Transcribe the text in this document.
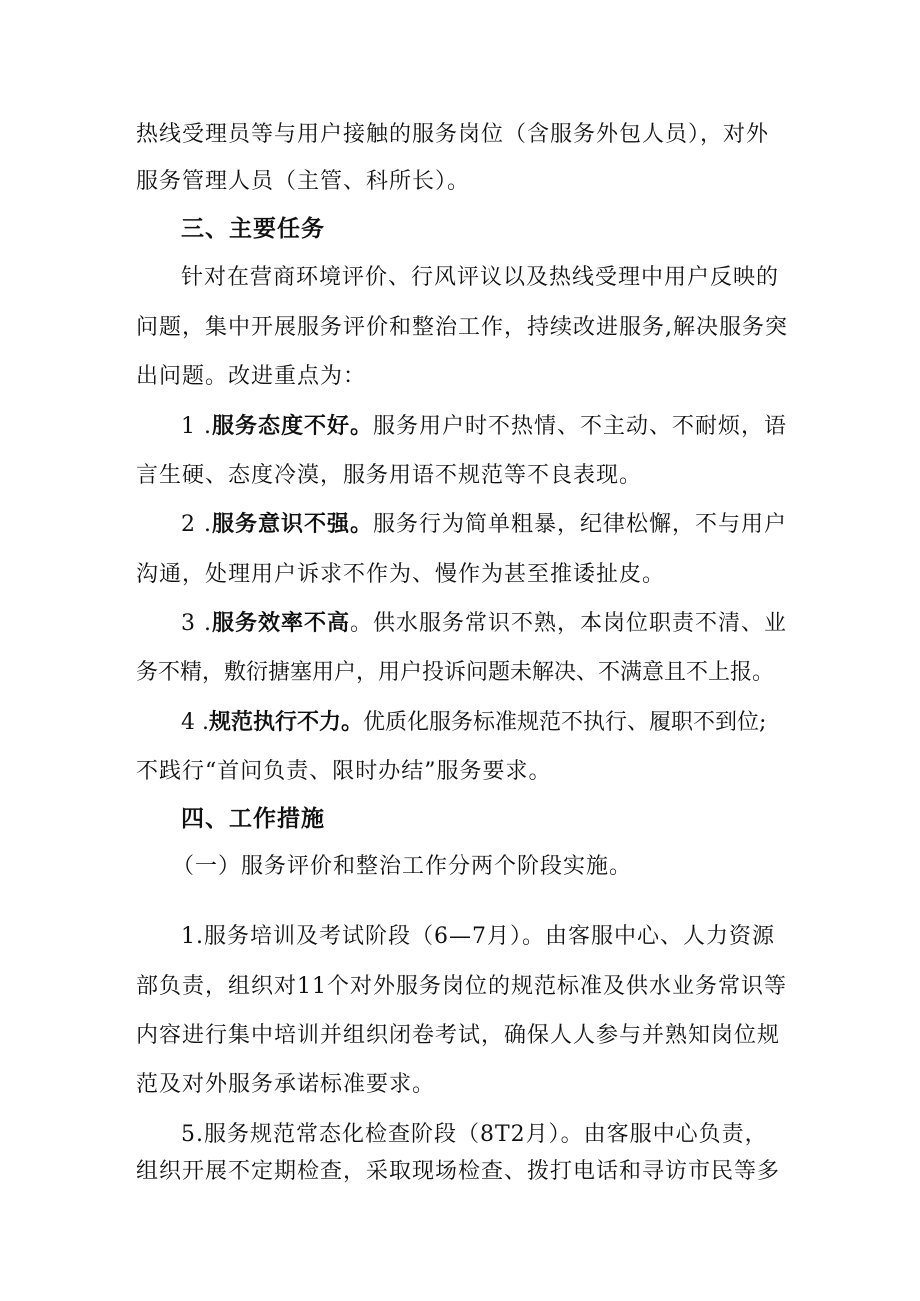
热线受理员等与用户接触的服务岗位（含服务外包人员），对外
服务管理人员（主管、科所长）。
三、主要任务
针对在营商环境评价、行风评议以及热线受理中用户反映的
问题，集中开展服务评价和整治工作，持续改进服务,解决服务突
出问题。改进重点为：
1 .服务态度不好。服务用户时不热情、不主动、不耐烦，语
言生硬、态度冷漠，服务用语不规范等不良表现。
2 .服务意识不强。服务行为简单粗暴，纪律松懈，不与用户
沟通，处理用户诉求不作为、慢作为甚至推诿扯皮。
3 .服务效率不高。供水服务常识不熟，本岗位职责不清、业
务不精，敷衍搪塞用户，用户投诉问题未解决、不满意且不上报。
4 .规范执行不力。优质化服务标准规范不执行、履职不到位;
不践行“首问负责、限时办结”服务要求。
四、工作措施
（一）服务评价和整治工作分两个阶段实施。
1.服务培训及考试阶段（6—7月）。由客服中心、人力资源
部负责，组织对11个对外服务岗位的规范标准及供水业务常识等
内容进行集中培训并组织闭卷考试，确保人人参与并熟知岗位规
范及对外服务承诺标准要求。
5.服务规范常态化检查阶段（8T2月）。由客服中心负责，
组织开展不定期检查，采取现场检查、拨打电话和寻访市民等多
